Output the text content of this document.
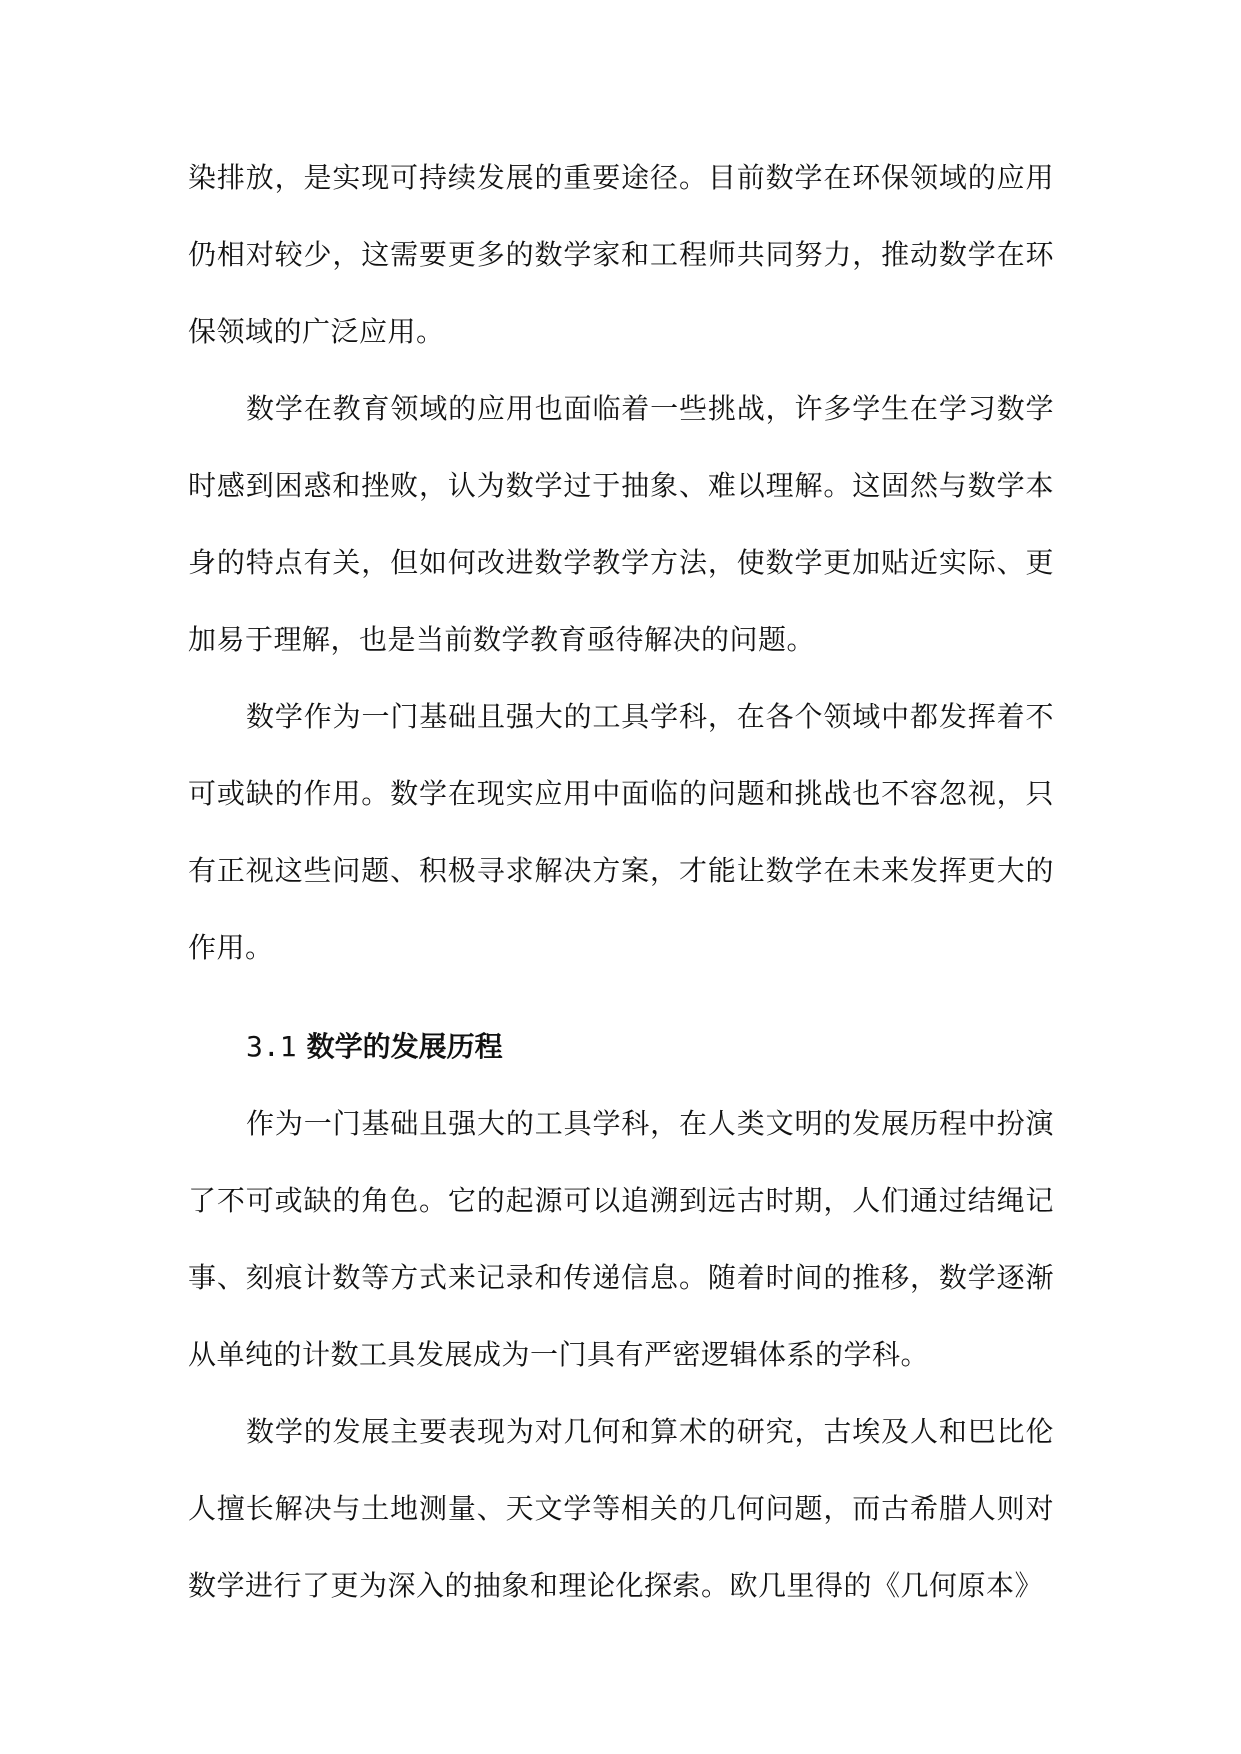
染排放，是实现可持续发展的重要途径。目前数学在环保领域的应用仍相对较少，这需要更多的数学家和工程师共同努力，推动数学在环保领域的广泛应用。

数学在教育领域的应用也面临着一些挑战，许多学生在学习数学时感到困惑和挫败，认为数学过于抽象、难以理解。这固然与数学本身的特点有关，但如何改进数学教学方法，使数学更加贴近实际、更加易于理解，也是当前数学教育亟待解决的问题。

数学作为一门基础且强大的工具学科，在各个领域中都发挥着不可或缺的作用。数学在现实应用中面临的问题和挑战也不容忽视，只有正视这些问题、积极寻求解决方案，才能让数学在未来发挥更大的作用。

3.1 数学的发展历程

作为一门基础且强大的工具学科，在人类文明的发展历程中扮演了不可或缺的角色。它的起源可以追溯到远古时期，人们通过结绳记事、刻痕计数等方式来记录和传递信息。随着时间的推移，数学逐渐从单纯的计数工具发展成为一门具有严密逻辑体系的学科。

数学的发展主要表现为对几何和算术的研究，古埃及人和巴比伦人擅长解决与土地测量、天文学等相关的几何问题，而古希腊人则对数学进行了更为深入的抽象和理论化探索。欧几里得的《几何原本》
